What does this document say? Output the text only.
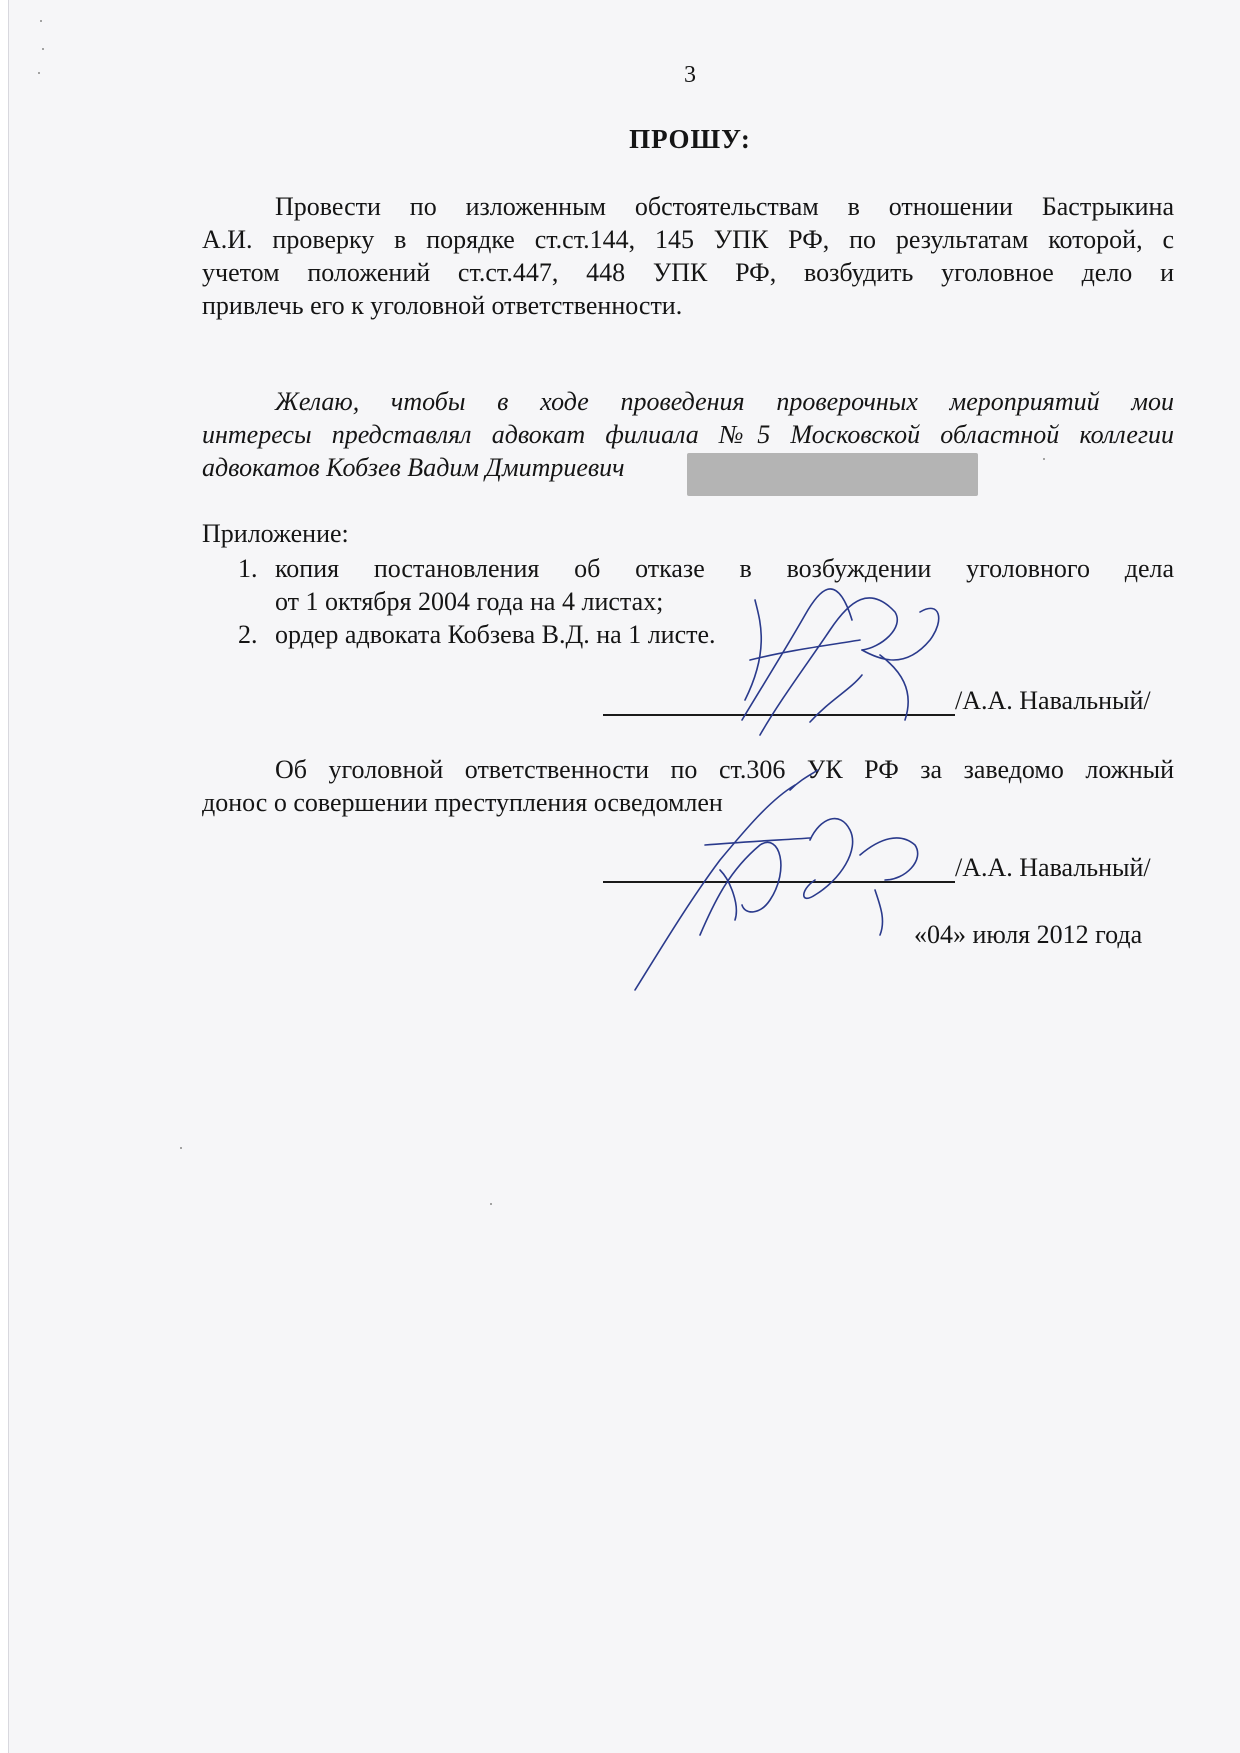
3
ПРОШУ:
Провести по изложенным обстоятельствам в отношении Бастрыкина
А.И. проверку в порядке ст.ст.144, 145 УПК РФ, по результатам которой, с
учетом положений ст.ст.447, 448 УПК РФ, возбудить уголовное дело и
привлечь его к уголовной ответственности.
Желаю, чтобы в ходе проведения проверочных мероприятий мои
интересы представлял адвокат филиала №5 Московской областной коллегии
адвокатов Кобзев Вадим Дмитриевич
Приложение:
1. копия постановления об отказе в возбуждении уголовного дела
от 1 октября 2004 года на 4 листах;
2. ордер адвоката Кобзева В.Д. на 1 листе.
/А.А. Навальный/
Об уголовной ответственности по ст.306 УК РФ за заведомо ложный
донос о совершении преступления осведомлен
/А.А. Навальный/
«04» июля 2012 года
